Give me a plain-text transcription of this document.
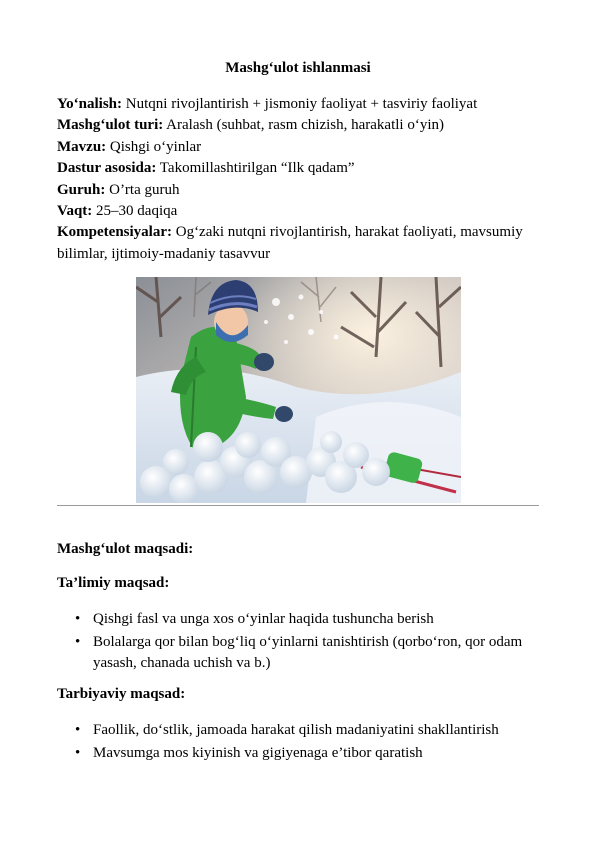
Mashg‘ulot ishlanmasi
Yo‘nalish: Nutqni rivojlantirish + jismoniy faoliyat + tasviriy faoliyat
Mashg‘ulot turi: Aralash (suhbat, rasm chizish, harakatli o‘yin)
Mavzu: Qishgi o‘yinlar
Dastur asosida: Takomillashtirilgan “Ilk qadam”
Guruh: O’rta guruh
Vaqt: 25–30 daqiqa
Kompetensiyalar: Og‘zaki nutqni rivojlantirish, harakat faoliyati, mavsumiy bilimlar, ijtimoiy-madaniy tasavvur
Mashg‘ulot maqsadi:
Ta’limiy maqsad:
• Qishgi fasl va unga xos o‘yinlar haqida tushuncha berish
• Bolalarga qor bilan bog‘liq o‘yinlarni tanishtirish (qorbo‘ron, qor odam yasash, chanada uchish va b.)
Tarbiyaviy maqsad:
• Faollik, do‘stlik, jamoada harakat qilish madaniyatini shakllantirish
• Mavsumga mos kiyinish va gigiyenaga e’tibor qaratish
